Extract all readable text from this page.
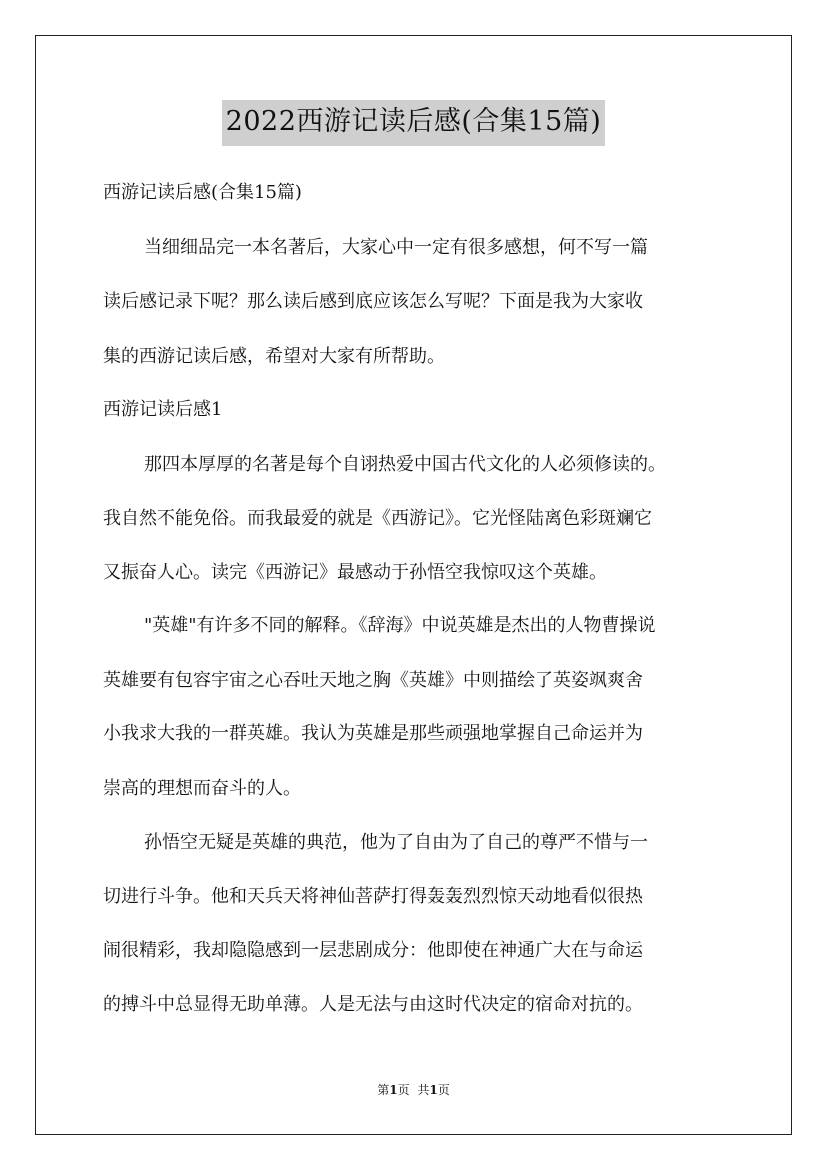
2022西游记读后感(合集15篇)
西游记读后感(合集15篇)
当细细品完一本名著后，大家心中一定有很多感想，何不写一篇
读后感记录下呢？那么读后感到底应该怎么写呢？下面是我为大家收
集的西游记读后感，希望对大家有所帮助。
西游记读后感1
那四本厚厚的名著是每个自诩热爱中国古代文化的人必须修读的。
我自然不能免俗。而我最爱的就是《西游记》。它光怪陆离色彩斑斓它
又振奋人心。读完《西游记》最感动于孙悟空我惊叹这个英雄。
"英雄"有许多不同的解释。《辞海》中说英雄是杰出的人物曹操说
英雄要有包容宇宙之心吞吐天地之胸《英雄》中则描绘了英姿飒爽舍
小我求大我的一群英雄。我认为英雄是那些顽强地掌握自己命运并为
崇高的理想而奋斗的人。
孙悟空无疑是英雄的典范，他为了自由为了自己的尊严不惜与一
切进行斗争。他和天兵天将神仙菩萨打得轰轰烈烈惊天动地看似很热
闹很精彩，我却隐隐感到一层悲剧成分：他即使在神通广大在与命运
的搏斗中总显得无助单薄。人是无法与由这时代决定的宿命对抗的。
第1页 共1页
